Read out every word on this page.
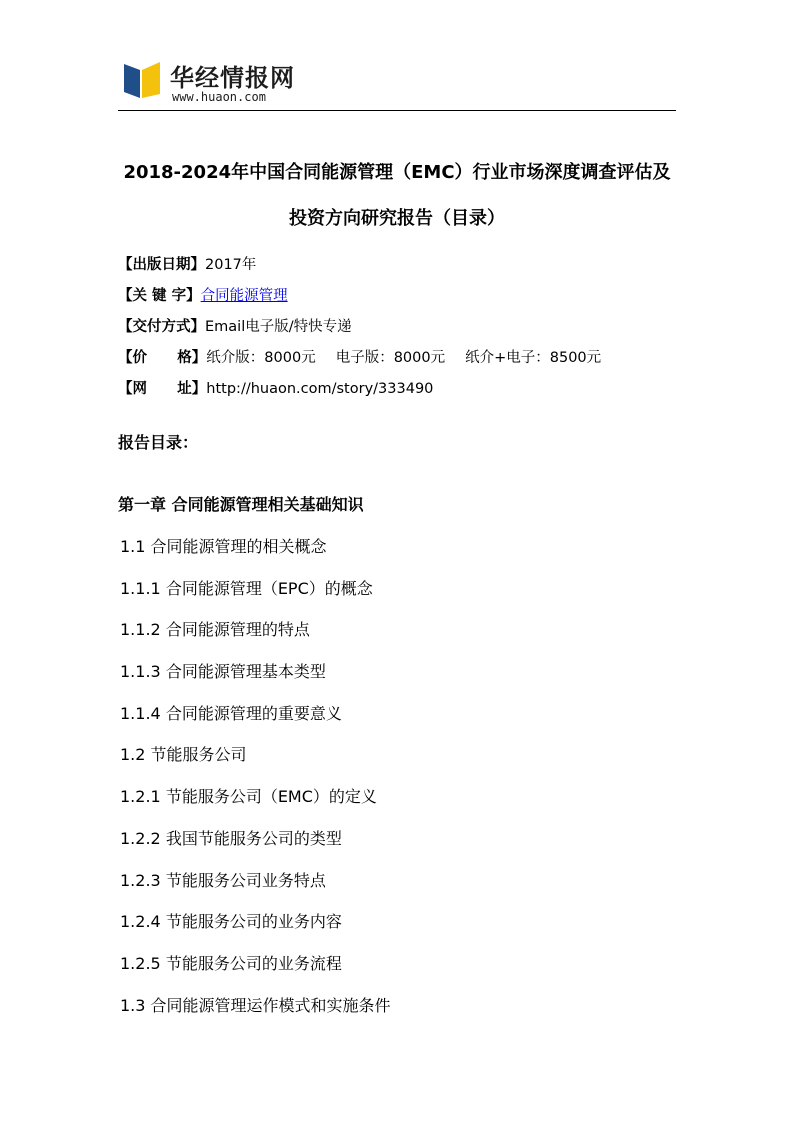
华经情报网
www.huaon.com
2018-2024年中国合同能源管理（EMC）行业市场深度调查评估及投资方向研究报告（目录）
【出版日期】2017年
【关 键 字】合同能源管理
【交付方式】Email电子版/特快专递
【价      格】纸介版：8000元 电子版：8000元 纸介+电子：8500元
【网      址】http://huaon.com/story/333490
报告目录：
第一章 合同能源管理相关基础知识
1.1 合同能源管理的相关概念
1.1.1 合同能源管理（EPC）的概念
1.1.2 合同能源管理的特点
1.1.3 合同能源管理基本类型
1.1.4 合同能源管理的重要意义
1.2 节能服务公司
1.2.1 节能服务公司（EMC）的定义
1.2.2 我国节能服务公司的类型
1.2.3 节能服务公司业务特点
1.2.4 节能服务公司的业务内容
1.2.5 节能服务公司的业务流程
1.3 合同能源管理运作模式和实施条件
